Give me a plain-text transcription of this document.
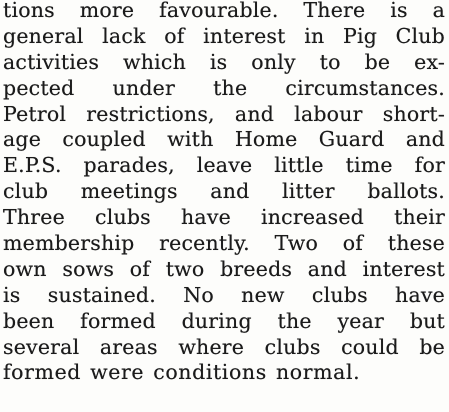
tions more favourable. There is a
general lack of interest in Pig Club
activities which is only to be ex-
pected under the circumstances.
Petrol restrictions, and labour short-
age coupled with Home Guard and
E.P.S. parades, leave little time for
club meetings and litter ballots.
Three clubs have increased their
membership recently. Two of these
own sows of two breeds and interest
is sustained. No new clubs have
been formed during the year but
several areas where clubs could be
formed were conditions normal.
